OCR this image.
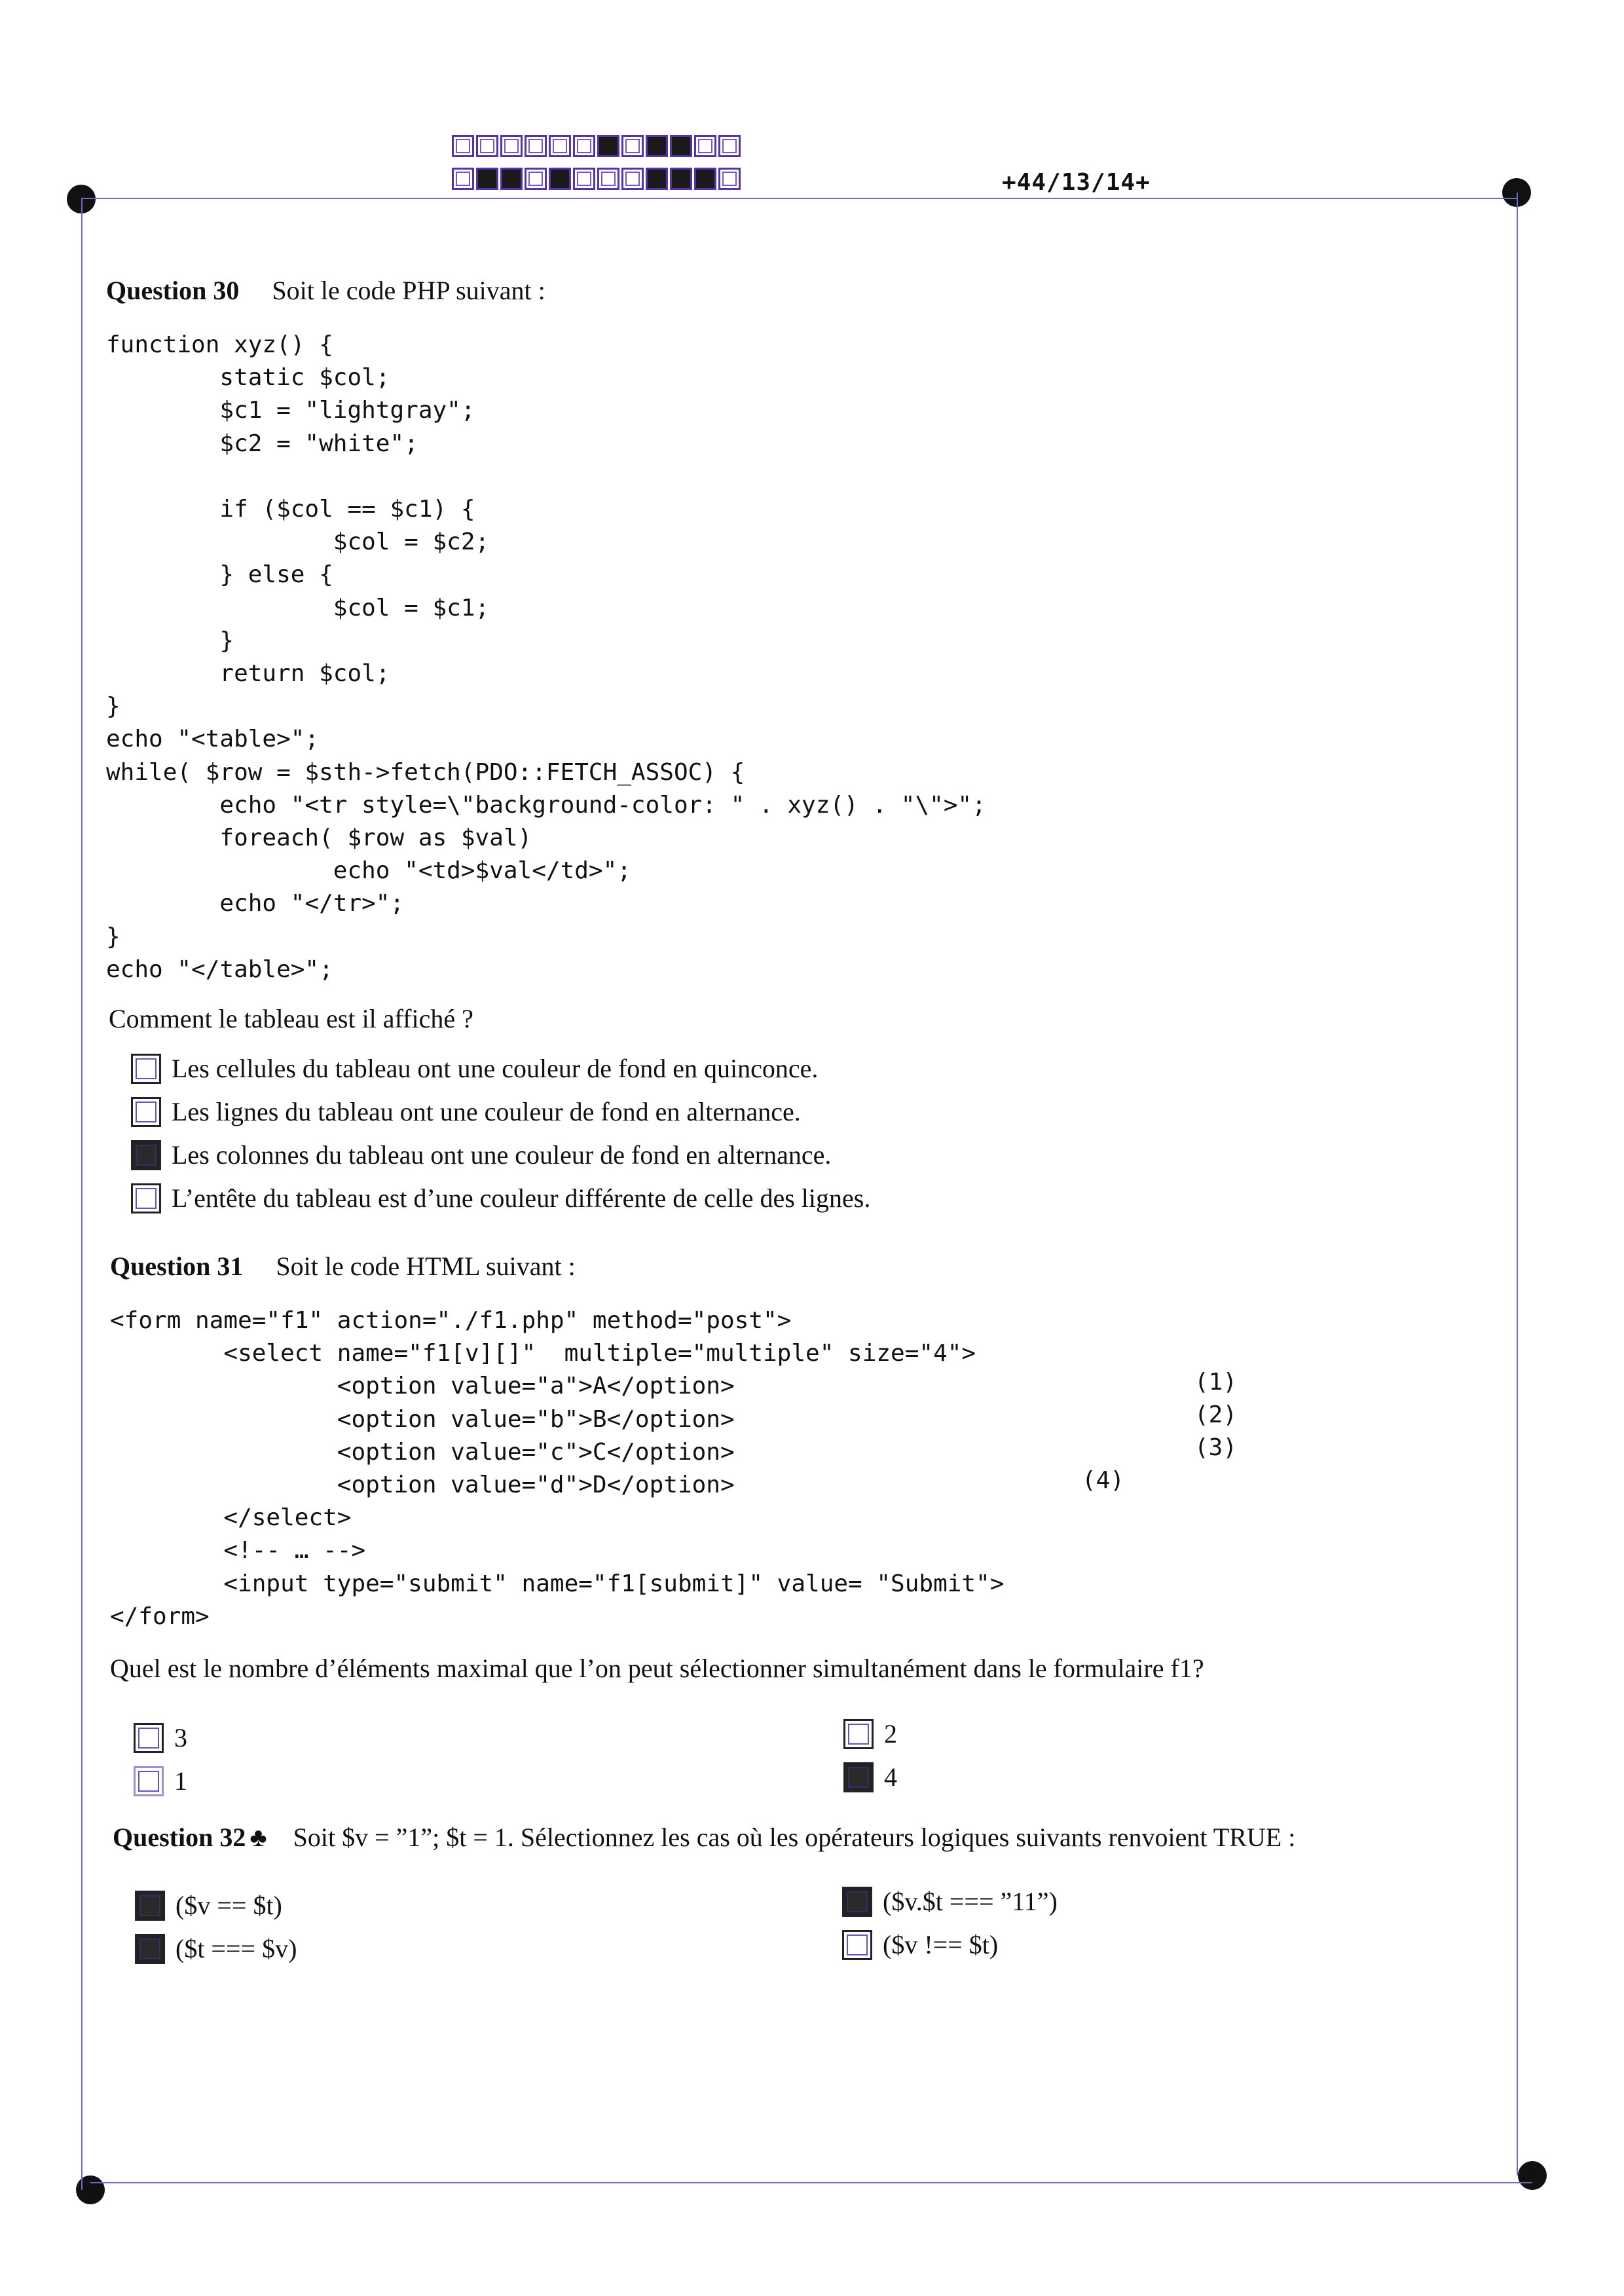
+44/13/14+
Question 30 Soit le code PHP suivant :
function xyz() {
static $col;
$c1 = "lightgray";
$c2 = "white";

if ($col == $c1) {
$col = $c2;
} else {
$col = $c1;
}
return $col;
}
echo "<table>";
while( $row = $sth->fetch(PDO::FETCH_ASSOC) {
echo "<tr style=\"background-color: " . xyz() . "\">";
foreach( $row as $val)
echo "<td>$val</td>";
echo "</tr>";
}
echo "</table>";
Comment le tableau est il affiché ?
Les cellules du tableau ont une couleur de fond en quinconce.
Les lignes du tableau ont une couleur de fond en alternance.
Les colonnes du tableau ont une couleur de fond en alternance.
L’entête du tableau est d’une couleur différente de celle des lignes.
Question 31 Soit le code HTML suivant :
<form name="f1" action="./f1.php" method="post">
<select name="f1[v][]"  multiple="multiple" size="4">
<option value="a">A</option>
<option value="b">B</option>
<option value="c">C</option>
<option value="d">D</option>
</select>
<!-- … -->
<input type="submit" name="f1[submit]" value= "Submit">
</form>
(1)
(2)
(3)
(4)
Quel est le nombre d’éléments maximal que l’on peut sélectionner simultanément dans le formulaire f1?
3
1
2
4
Question 32 ♣ Soit $v = ”1”; $t = 1. Sélectionnez les cas où les opérateurs logiques suivants renvoient TRUE :
($v == $t)
($t === $v)
($v.$t === ”11”)
($v !== $t)
